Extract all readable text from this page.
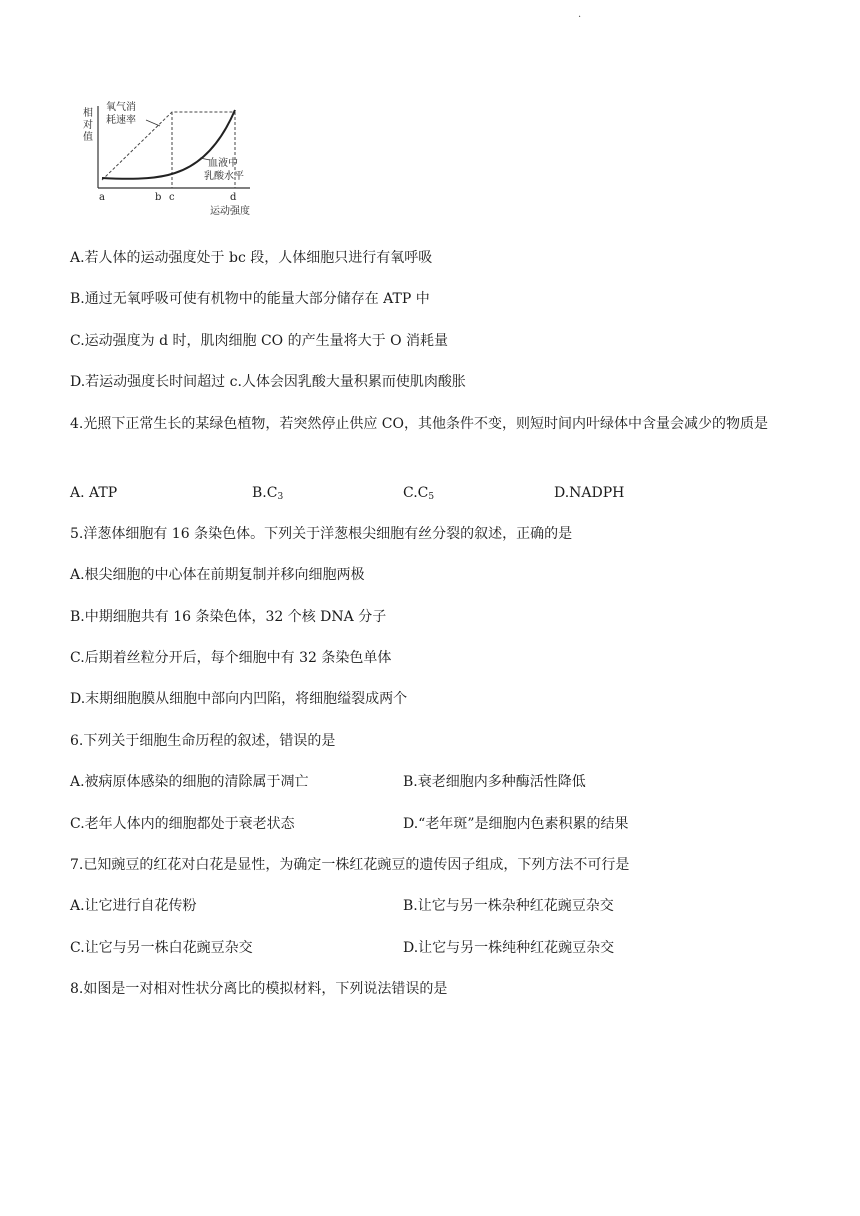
·
相对值
氧气消
耗速率
血液中
乳酸水平
a	b c	d
运动强度
A.若人体的运动强度处于 bc 段，人体细胞只进行有氧呼吸
B.通过无氧呼吸可使有机物中的能量大部分储存在 ATP 中
C.运动强度为 d 时，肌肉细胞 CO 的产生量将大于 O 消耗量
D.若运动强度长时间超过 c.人体会因乳酸大量积累而使肌肉酸胀
4.光照下正常生长的某绿色植物，若突然停止供应 CO，其他条件不变，则短时间内叶绿体中含量会减少的物质是
A. ATP	$B.C_3$	$C.C_5$	D.NADPH
5.洋葱体细胞有 16 条染色体。下列关于洋葱根尖细胞有丝分裂的叙述，正确的是
A.根尖细胞的中心体在前期复制并移向细胞两极
B.中期细胞共有 16 条染色体，32 个核 DNA 分子
C.后期着丝粒分开后，每个细胞中有 32 条染色单体
D.末期细胞膜从细胞中部向内凹陷，将细胞缢裂成两个
6.下列关于细胞生命历程的叙述，错误的是
A.被病原体感染的细胞的清除属于凋亡	B.衰老细胞内多种酶活性降低
C.老年人体内的细胞都处于衰老状态	D.“老年斑”是细胞内色素积累的结果
7.已知豌豆的红花对白花是显性，为确定一株红花豌豆的遗传因子组成，下列方法不可行是
A.让它进行自花传粉	B.让它与另一株杂种红花豌豆杂交
C.让它与另一株白花豌豆杂交	D.让它与另一株纯种红花豌豆杂交
8.如图是一对相对性状分离比的模拟材料，下列说法错误的是
